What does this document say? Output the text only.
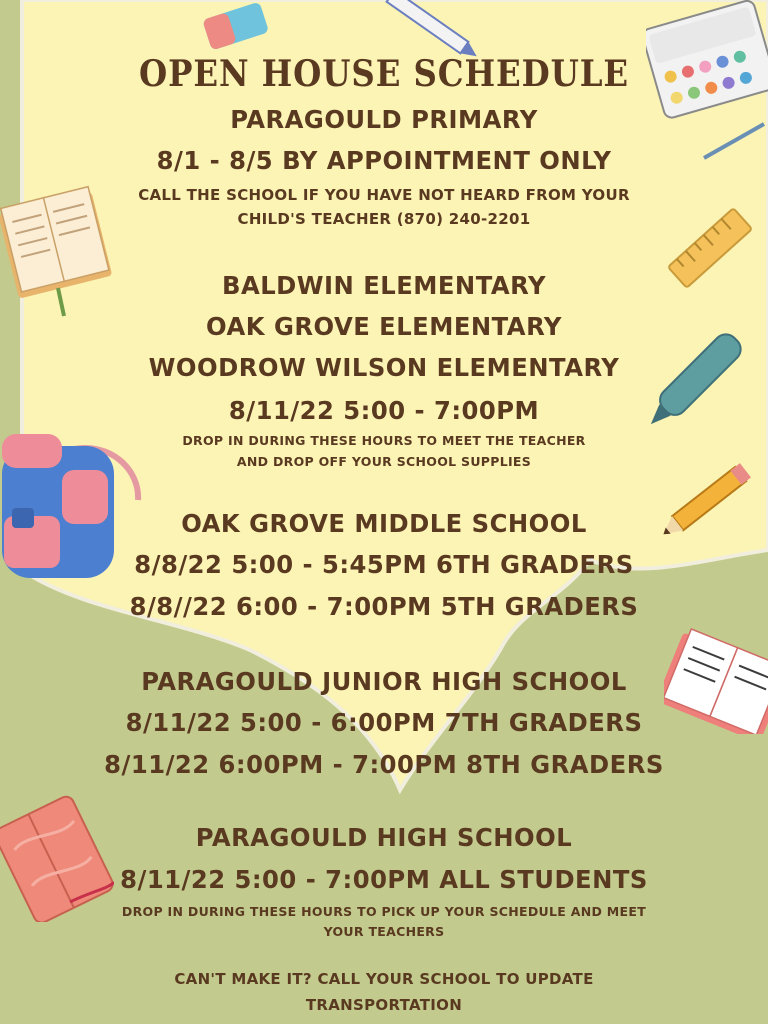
OPEN HOUSE SCHEDULE

PARAGOULD PRIMARY

8/1 - 8/5 BY APPOINTMENT ONLY

CALL THE SCHOOL IF YOU HAVE NOT HEARD FROM YOUR

CHILD'S TEACHER (870) 240-2201

BALDWIN ELEMENTARY

OAK GROVE ELEMENTARY

WOODROW WILSON ELEMENTARY

8/11/22 5:00 - 7:00PM

DROP IN DURING THESE HOURS TO MEET THE TEACHER

AND DROP OFF YOUR SCHOOL SUPPLIES

OAK GROVE MIDDLE SCHOOL

8/8/22 5:00 - 5:45PM 6TH GRADERS

8/8//22 6:00 - 7:00PM 5TH GRADERS

PARAGOULD JUNIOR HIGH SCHOOL

8/11/22 5:00 - 6:00PM 7TH GRADERS

8/11/22 6:00PM - 7:00PM 8TH GRADERS

PARAGOULD HIGH SCHOOL

8/11/22 5:00 - 7:00PM ALL STUDENTS

DROP IN DURING THESE HOURS TO PICK UP YOUR SCHEDULE AND MEET

YOUR TEACHERS

CAN'T MAKE IT? CALL YOUR SCHOOL TO UPDATE

TRANSPORTATION
